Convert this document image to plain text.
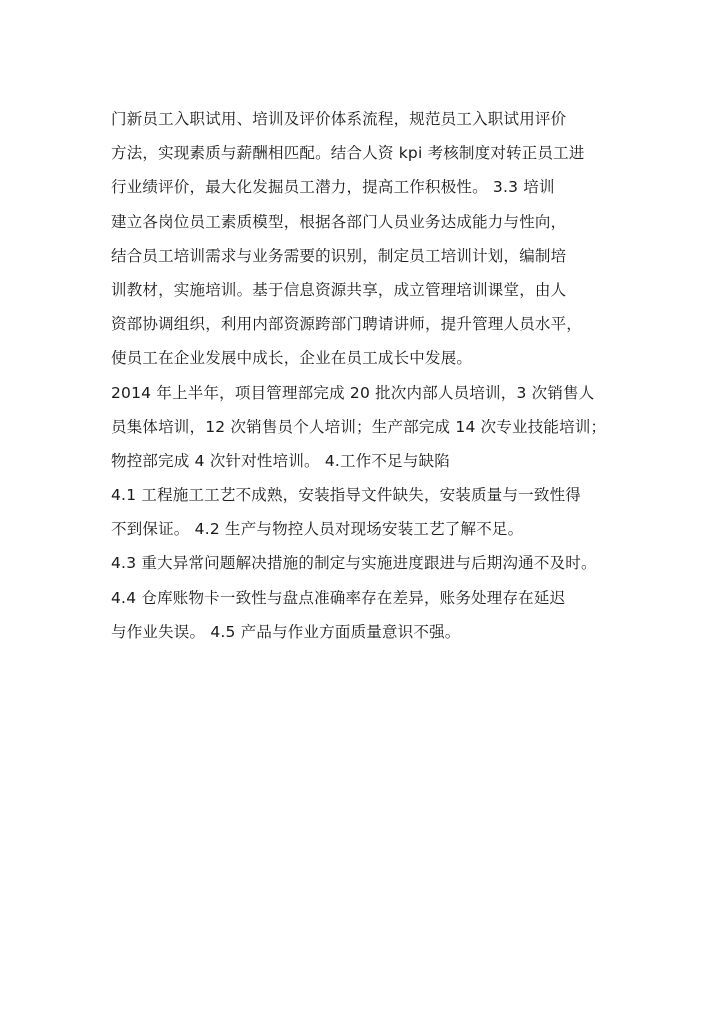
门新员工入职试用、培训及评价体系流程，规范员工入职试用评价
方法，实现素质与薪酬相匹配。结合人资 kpi 考核制度对转正员工进
行业绩评价，最大化发掘员工潜力，提高工作积极性。 3.3 培训
建立各岗位员工素质模型，根据各部门人员业务达成能力与性向，
结合员工培训需求与业务需要的识别，制定员工培训计划，编制培
训教材，实施培训。基于信息资源共享，成立管理培训课堂，由人
资部协调组织，利用内部资源跨部门聘请讲师，提升管理人员水平，
使员工在企业发展中成长，企业在员工成长中发展。
2014 年上半年，项目管理部完成 20 批次内部人员培训，3 次销售人
员集体培训，12 次销售员个人培训；生产部完成 14 次专业技能培训；
物控部完成 4 次针对性培训。 4.工作不足与缺陷
4.1 工程施工工艺不成熟，安装指导文件缺失，安装质量与一致性得
不到保证。 4.2 生产与物控人员对现场安装工艺了解不足。
4.3 重大异常问题解决措施的制定与实施进度跟进与后期沟通不及时。
4.4 仓库账物卡一致性与盘点准确率存在差异，账务处理存在延迟
与作业失误。 4.5 产品与作业方面质量意识不强。
